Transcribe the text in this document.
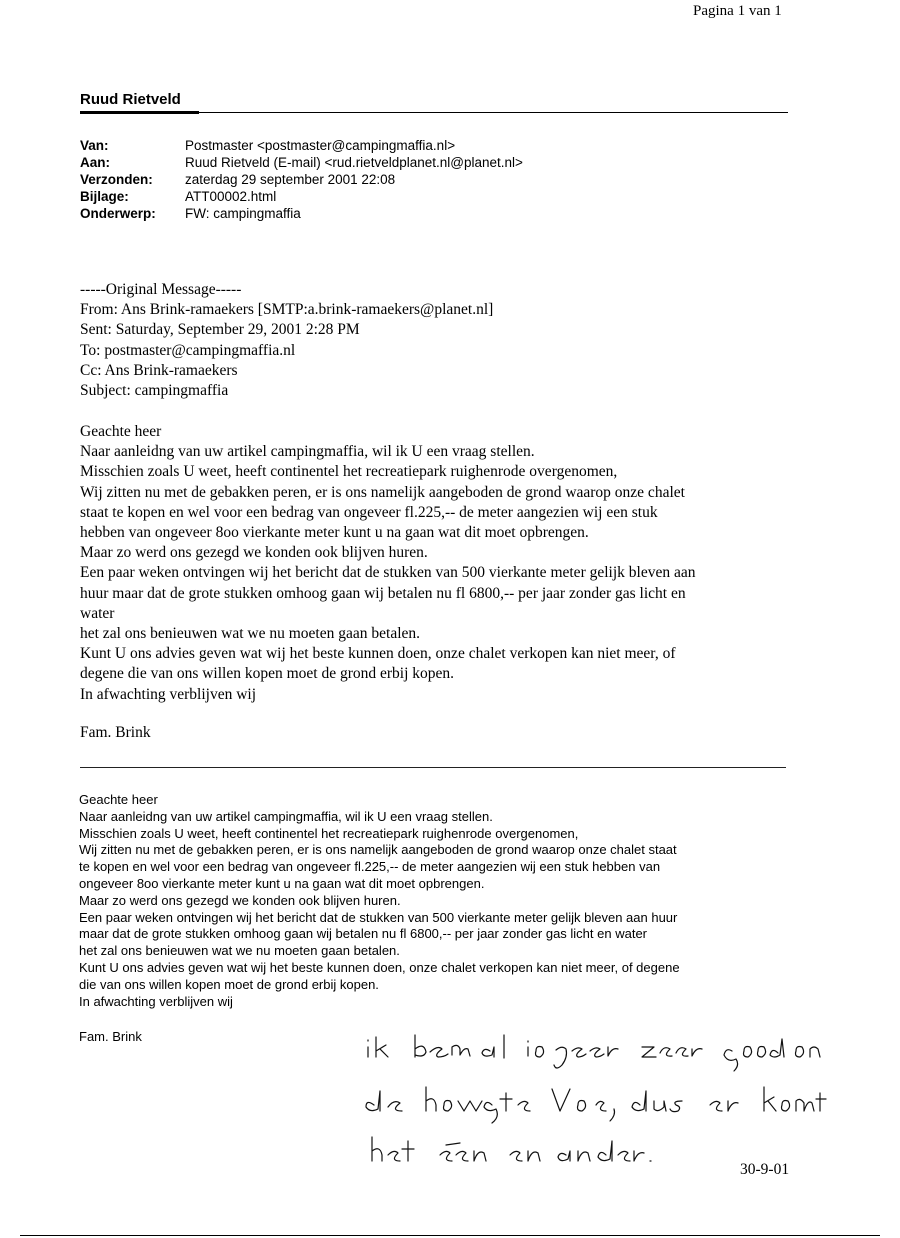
Pagina 1 van 1
Ruud Rietveld
Van:	Postmaster <postmaster@campingmaffia.nl>
Aan:	Ruud Rietveld (E-mail) <rud.rietveldplanet.nl@planet.nl>
Verzonden: zaterdag 29 september 2001 22:08
Bijlage:	ATT00002.html
Onderwerp: FW: campingmaffia
-----Original Message-----
From: Ans Brink-ramaekers [SMTP:a.brink-ramaekers@planet.nl]
Sent: Saturday, September 29, 2001 2:28 PM
To: postmaster@campingmaffia.nl
Cc: Ans Brink-ramaekers
Subject: campingmaffia
Geachte heer
Naar aanleidng van uw artikel campingmaffia, wil ik U een vraag stellen.
Misschien zoals U weet, heeft continentel het recreatiepark ruighenrode overgenomen,
Wij zitten nu met de gebakken peren, er is ons namelijk aangeboden de grond waarop onze chalet
staat te kopen en wel voor een bedrag van ongeveer fl.225,-- de meter aangezien wij een stuk
hebben van ongeveer 8oo vierkante meter kunt u na gaan wat dit moet opbrengen.
Maar zo werd ons gezegd we konden ook blijven huren.
Een paar weken ontvingen wij het bericht dat de stukken van 500 vierkante meter gelijk bleven aan
huur maar dat de grote stukken omhoog gaan wij betalen nu fl 6800,-- per jaar zonder gas licht en
water
het zal ons benieuwen wat we nu moeten gaan betalen.
Kunt U ons advies geven wat wij het beste kunnen doen, onze chalet verkopen kan niet meer, of
degene die van ons willen kopen moet de grond erbij kopen.
In afwachting verblijven wij
Fam. Brink
Geachte heer
Naar aanleidng van uw artikel campingmaffia, wil ik U een vraag stellen.
Misschien zoals U weet, heeft continentel het recreatiepark ruighenrode overgenomen,
Wij zitten nu met de gebakken peren, er is ons namelijk aangeboden de grond waarop onze chalet staat
te kopen en wel voor een bedrag van ongeveer fl.225,-- de meter aangezien wij een stuk hebben van
ongeveer 8oo vierkante meter kunt u na gaan wat dit moet opbrengen.
Maar zo werd ons gezegd we konden ook blijven huren.
Een paar weken ontvingen wij het bericht dat de stukken van 500 vierkante meter gelijk bleven aan huur
maar dat de grote stukken omhoog gaan wij betalen nu fl 6800,-- per jaar zonder gas licht en water
het zal ons benieuwen wat we nu moeten gaan betalen.
Kunt U ons advies geven wat wij het beste kunnen doen, onze chalet verkopen kan niet meer, of degene
die van ons willen kopen moet de grond erbij kopen.
In afwachting verblijven wij
Fam. Brink
30-9-01
